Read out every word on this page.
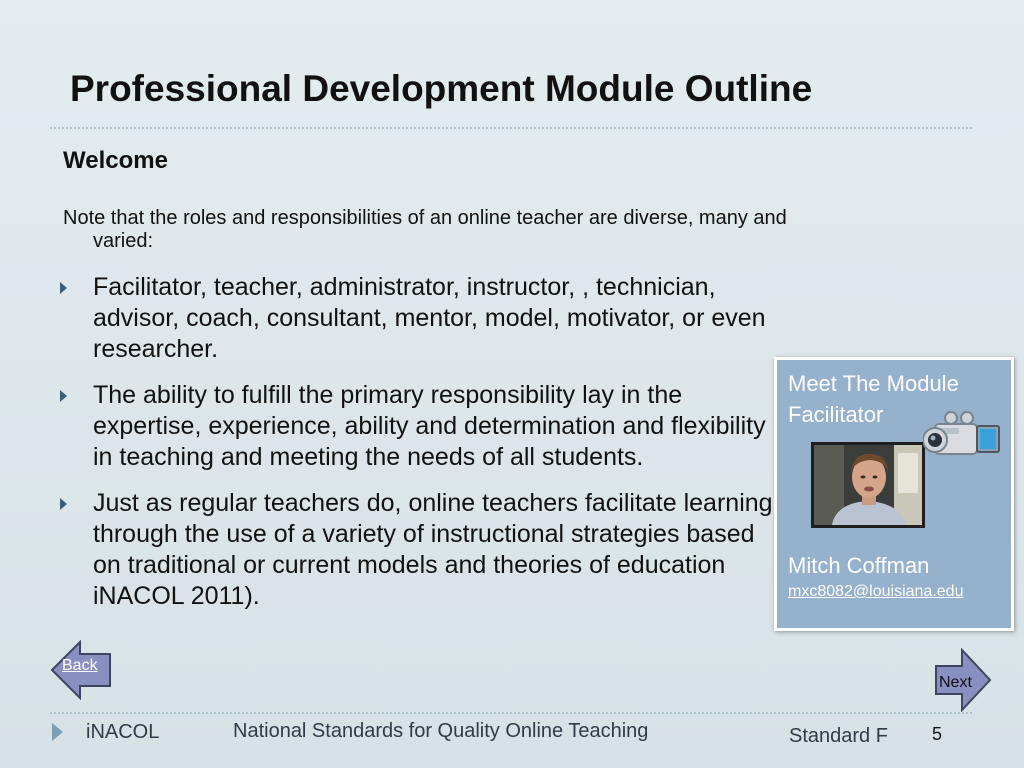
Professional Development Module Outline
Welcome
Note that the roles and responsibilities of an online teacher are diverse, many and varied:
Facilitator, teacher, administrator, instructor, , technician, advisor, coach, consultant, mentor, model, motivator, or even researcher.
The ability to fulfill the primary responsibility lay in the expertise, experience, ability and determination and flexibility in teaching and meeting the needs of all students.
Just as regular teachers do, online teachers facilitate learning through the use of a variety of instructional strategies based on traditional or current models and theories of education iNACOL 2011).
Meet The Module Facilitator
Mitch Coffman
mxc8082@louisiana.edu
Back
Next
iNACOL	National Standards for Quality Online Teaching	Standard F 5
